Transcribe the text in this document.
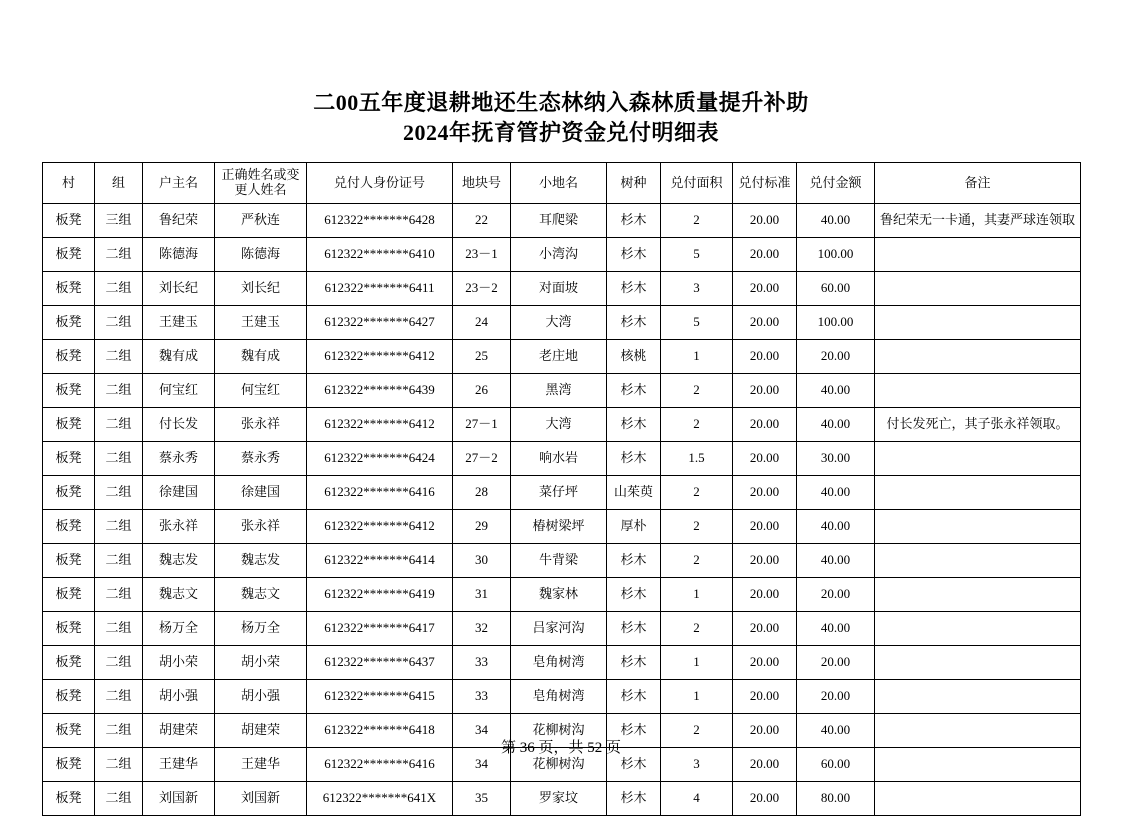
二00五年度退耕地还生态林纳入森林质量提升补助
2024年抚育管护资金兑付明细表
村	组	户主名	正确姓名或变更人姓名	兑付人身份证号	地块号	小地名	树种	兑付面积	兑付标准	兑付金额	备注
板凳	三组	鲁纪荣	严秋连	612322*******6428	22	耳爬梁	杉木	2	20.00	40.00	鲁纪荣无一卡通，其妻严球连领取
板凳	二组	陈德海	陈德海	612322*******6410	23－1	小湾沟	杉木	5	20.00	100.00	
板凳	二组	刘长纪	刘长纪	612322*******6411	23－2	对面坡	杉木	3	20.00	60.00	
板凳	二组	王建玉	王建玉	612322*******6427	24	大湾	杉木	5	20.00	100.00	
板凳	二组	魏有成	魏有成	612322*******6412	25	老庄地	核桃	1	20.00	20.00	
板凳	二组	何宝红	何宝红	612322*******6439	26	黑湾	杉木	2	20.00	40.00	
板凳	二组	付长发	张永祥	612322*******6412	27－1	大湾	杉木	2	20.00	40.00	付长发死亡，其子张永祥领取。
板凳	二组	蔡永秀	蔡永秀	612322*******6424	27－2	响水岩	杉木	1.5	20.00	30.00	
板凳	二组	徐建国	徐建国	612322*******6416	28	菜仔坪	山茱萸	2	20.00	40.00	
板凳	二组	张永祥	张永祥	612322*******6412	29	椿树梁坪	厚朴	2	20.00	40.00	
板凳	二组	魏志发	魏志发	612322*******6414	30	牛背梁	杉木	2	20.00	40.00	
板凳	二组	魏志文	魏志文	612322*******6419	31	魏家林	杉木	1	20.00	20.00	
板凳	二组	杨万全	杨万全	612322*******6417	32	吕家河沟	杉木	2	20.00	40.00	
板凳	二组	胡小荣	胡小荣	612322*******6437	33	皂角树湾	杉木	1	20.00	20.00	
板凳	二组	胡小强	胡小强	612322*******6415	33	皂角树湾	杉木	1	20.00	20.00	
板凳	二组	胡建荣	胡建荣	612322*******6418	34	花柳树沟	杉木	2	20.00	40.00	
板凳	二组	王建华	王建华	612322*******6416	34	花柳树沟	杉木	3	20.00	60.00	
板凳	二组	刘国新	刘国新	612322*******641X	35	罗家坟	杉木	4	20.00	80.00	
第 36 页，共 52 页
